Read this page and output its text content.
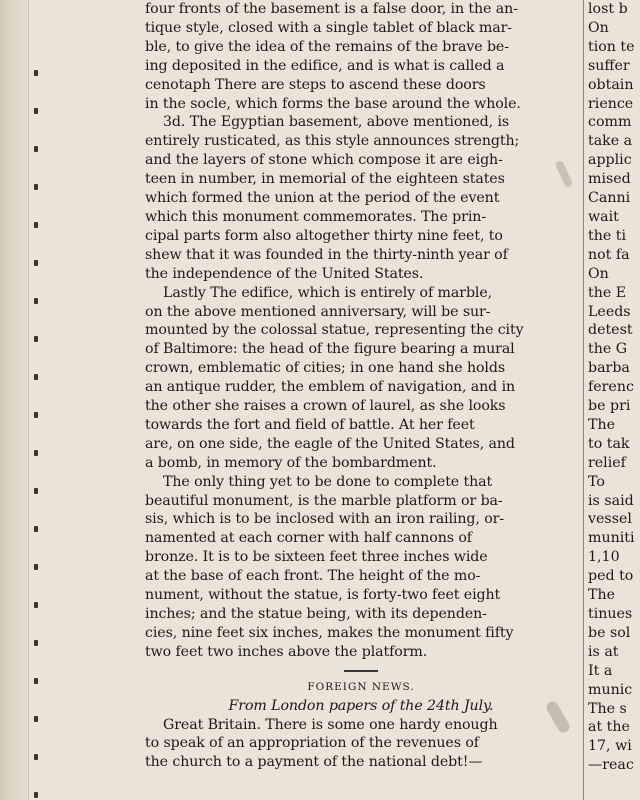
four fronts of the basement is a false door, in the an-

tique style, closed with a single tablet of black mar-

ble, to give the idea of the remains of the brave be-

ing deposited in the edifice, and is what is called a

cenotaph There are steps to ascend these doors

in the socle, which forms the base around the whole.

3d. The Egyptian basement, above mentioned, is

entirely rusticated, as this style announces strength;

and the layers of stone which compose it are eigh-

teen in number, in memorial of the eighteen states

which formed the union at the period of the event

which this monument commemorates. The prin-

cipal parts form also altogether thirty nine feet, to

shew that it was founded in the thirty-ninth year of

the independence of the United States.

Lastly The edifice, which is entirely of marble,

on the above mentioned anniversary, will be sur-

mounted by the colossal statue, representing the city

of Baltimore: the head of the figure bearing a mural

crown, emblematic of cities; in one hand she holds

an antique rudder, the emblem of navigation, and in

the other she raises a crown of laurel, as she looks

towards the fort and field of battle. At her feet

are, on one side, the eagle of the United States, and

a bomb, in memory of the bombardment.

The only thing yet to be done to complete that

beautiful monument, is the marble platform or ba-

sis, which is to be inclosed with an iron railing, or-

namented at each corner with half cannons of

bronze. It is to be sixteen feet three inches wide

at the base of each front. The height of the mo-

nument, without the statue, is forty-two feet eight

inches; and the statue being, with its dependen-

cies, nine feet six inches, makes the monument fifty

two feet two inches above the platform.

FOREIGN NEWS.

From London papers of the 24th July.

Great Britain. There is some one hardy enough

to speak of an appropriation of the revenues of

the church to a payment of the national debt!—

lost b
On
tion te
suffer
obtain
rience
comm
take a
applic
mised
Canni
wait
the ti
not fa
On
the E
Leeds
detest
the G
barba
ferenc
be pri
The
to tak
relief
To
is said
vessel
muniti
1,10
ped to
The
tinues
be sol
is at
It a
munic
The s
at the
17, wi
—reac
